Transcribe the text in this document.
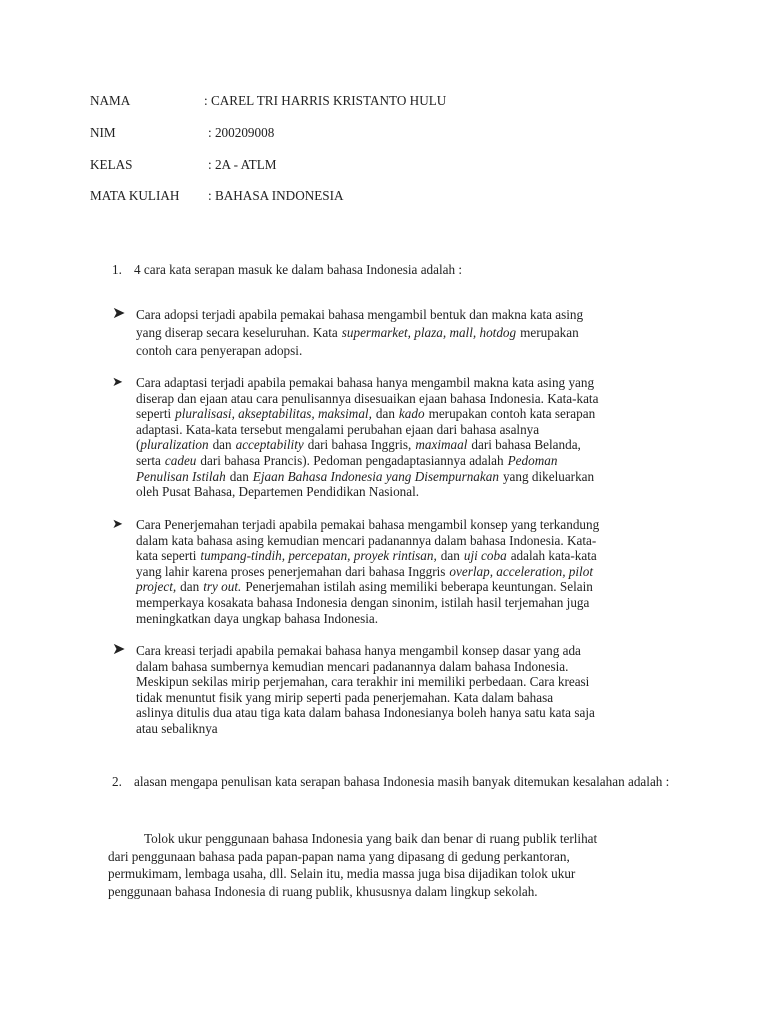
NAMA	: CAREL TRI HARRIS KRISTANTO HULU
NIM	: 200209008
KELAS	: 2A - ATLM
MATA KULIAH : BAHASA INDONESIA
1. 4 cara kata serapan masuk ke dalam bahasa Indonesia adalah :
➤ Cara adopsi terjadi apabila pemakai bahasa mengambil bentuk dan makna kata asing
yang diserap secara keseluruhan. Kata supermarket, plaza, mall, hotdog merupakan
contoh cara penyerapan adopsi.
➤ Cara adaptasi terjadi apabila pemakai bahasa hanya mengambil makna kata asing yang
diserap dan ejaan atau cara penulisannya disesuaikan ejaan bahasa Indonesia. Kata-kata
seperti pluralisasi, akseptabilitas, maksimal, dan kado merupakan contoh kata serapan
adaptasi. Kata-kata tersebut mengalami perubahan ejaan dari bahasa asalnya
( pluralization dan acceptability dari bahasa Inggris, maximaal dari bahasa Belanda,
serta cadeu dari bahasa Prancis). Pedoman pengadaptasiannya adalah Pedoman
Penulisan Istilah dan Ejaan Bahasa Indonesia yang Disempurnakan yang dikeluarkan
oleh Pusat Bahasa, Departemen Pendidikan Nasional.
➤ Cara Penerjemahan terjadi apabila pemakai bahasa mengambil konsep yang terkandung
dalam kata bahasa asing kemudian mencari padanannya dalam bahasa Indonesia. Kata-
kata seperti tumpang-tindih, percepatan, proyek rintisan, dan uji coba adalah kata-kata
yang lahir karena proses penerjemahan dari bahasa Inggris overlap, acceleration, pilot
project, dan try out. Penerjemahan istilah asing memiliki beberapa keuntungan. Selain
memperkaya kosakata bahasa Indonesia dengan sinonim, istilah hasil terjemahan juga
meningkatkan daya ungkap bahasa Indonesia.
➤ Cara kreasi terjadi apabila pemakai bahasa hanya mengambil konsep dasar yang ada
dalam bahasa sumbernya kemudian mencari padanannya dalam bahasa Indonesia.
Meskipun sekilas mirip perjemahan, cara terakhir ini memiliki perbedaan. Cara kreasi
tidak menuntut fisik yang mirip seperti pada penerjemahan. Kata dalam bahasa
aslinya ditulis dua atau tiga kata dalam bahasa Indonesianya boleh hanya satu kata saja
atau sebaliknya
2. alasan mengapa penulisan kata serapan bahasa Indonesia masih banyak ditemukan kesalahan adalah :
Tolok ukur penggunaan bahasa Indonesia yang baik dan benar di ruang publik terlihat
dari penggunaan bahasa pada papan-papan nama yang dipasang di gedung perkantoran,
permukimam, lembaga usaha, dll. Selain itu, media massa juga bisa dijadikan tolok ukur
penggunaan bahasa Indonesia di ruang publik, khususnya dalam lingkup sekolah.
